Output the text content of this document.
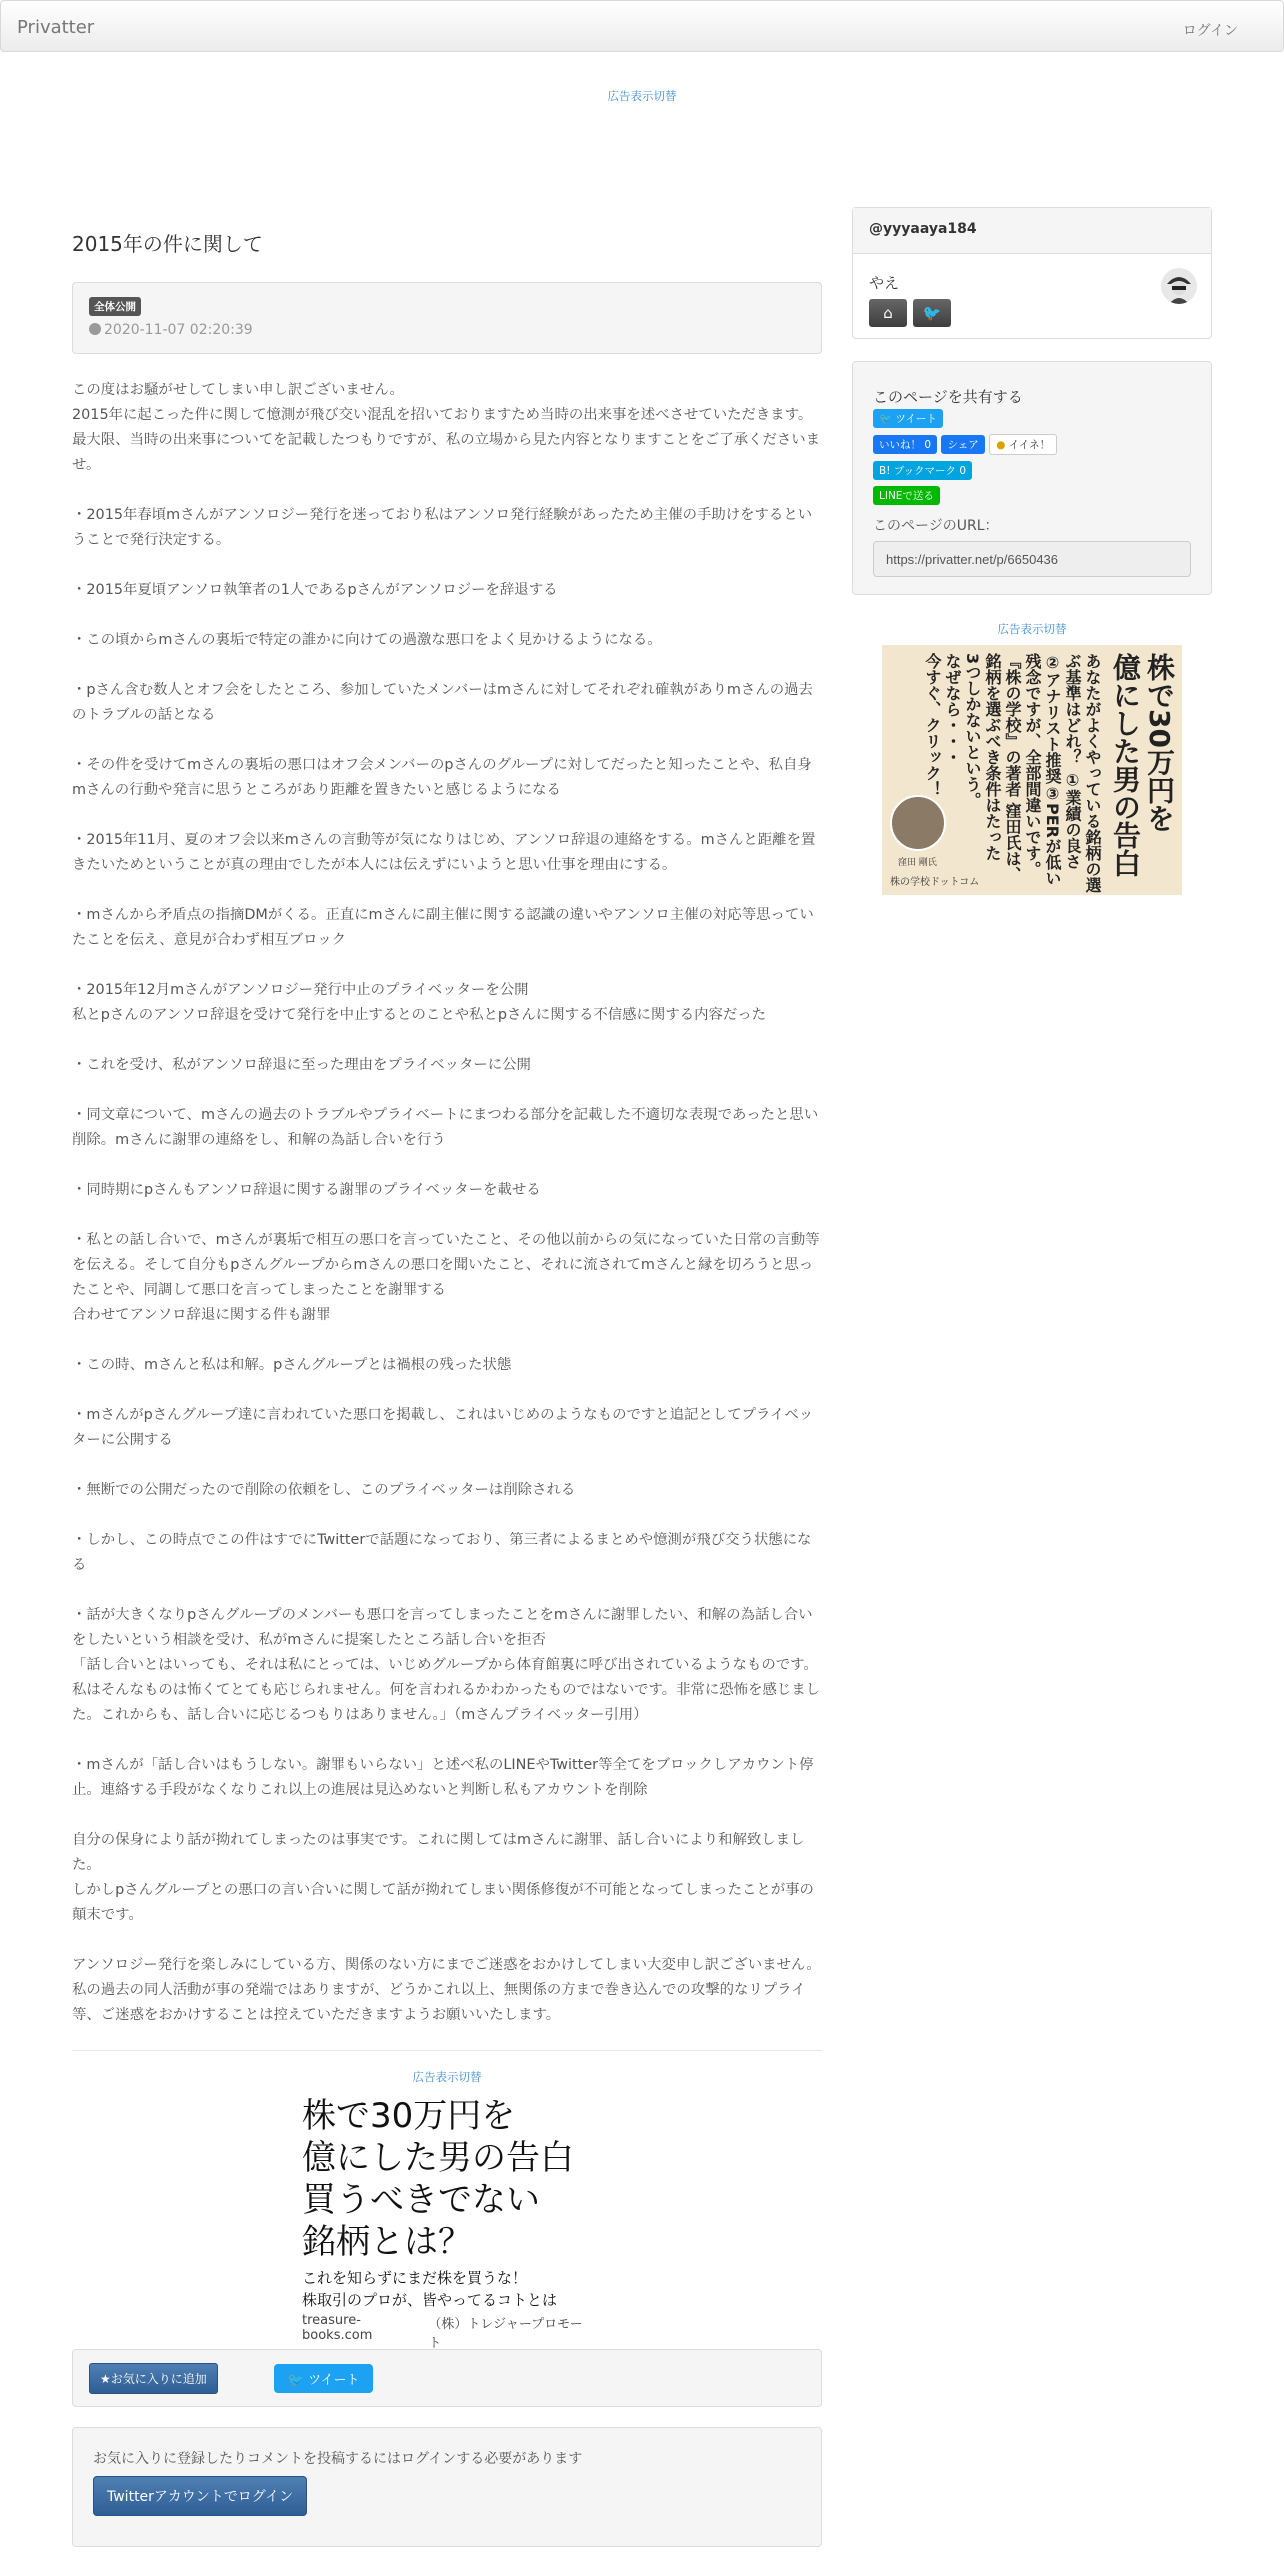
Privatter	ログイン
広告表示切替
2015年の件に関して
全体公開
2020-11-07 02:20:39
この度はお騒がせしてしまい申し訳ございません。
2015年に起こった件に関して憶測が飛び交い混乱を招いておりますため当時の出来事を述べさせていただきます。
最大限、当時の出来事についてを記載したつもりですが、私の立場から見た内容となりますことをご了承くださいませ。

・2015年春頃mさんがアンソロジー発行を迷っており私はアンソロ発行経験があったため主催の手助けをするということで発行決定する。

・2015年夏頃アンソロ執筆者の1人であるpさんがアンソロジーを辞退する

・この頃からmさんの裏垢で特定の誰かに向けての過激な悪口をよく見かけるようになる。

・pさん含む数人とオフ会をしたところ、参加していたメンバーはmさんに対してそれぞれ確執がありmさんの過去のトラブルの話となる

・その件を受けてmさんの裏垢の悪口はオフ会メンバーのpさんのグループに対してだったと知ったことや、私自身mさんの行動や発言に思うところがあり距離を置きたいと感じるようになる

・2015年11月、夏のオフ会以来mさんの言動等が気になりはじめ、アンソロ辞退の連絡をする。mさんと距離を置きたいためということが真の理由でしたが本人には伝えずにいようと思い仕事を理由にする。

・mさんから矛盾点の指摘DMがくる。正直にmさんに副主催に関する認識の違いやアンソロ主催の対応等思っていたことを伝え、意見が合わず相互ブロック

・2015年12月mさんがアンソロジー発行中止のプライベッターを公開
私とpさんのアンソロ辞退を受けて発行を中止するとのことや私とpさんに関する不信感に関する内容だった

・これを受け、私がアンソロ辞退に至った理由をプライベッターに公開

・同文章について、mさんの過去のトラブルやプライベートにまつわる部分を記載した不適切な表現であったと思い削除。mさんに謝罪の連絡をし、和解の為話し合いを行う

・同時期にpさんもアンソロ辞退に関する謝罪のプライベッターを載せる

・私との話し合いで、mさんが裏垢で相互の悪口を言っていたこと、その他以前からの気になっていた日常の言動等を伝える。そして自分もpさんグループからmさんの悪口を聞いたこと、それに流されてmさんと縁を切ろうと思ったことや、同調して悪口を言ってしまったことを謝罪する
合わせてアンソロ辞退に関する件も謝罪

・この時、mさんと私は和解。pさんグループとは禍根の残った状態

・mさんがpさんグループ達に言われていた悪口を掲載し、これはいじめのようなものですと追記としてプライベッターに公開する

・無断での公開だったので削除の依頼をし、このプライベッターは削除される

・しかし、この時点でこの件はすでにTwitterで話題になっており、第三者によるまとめや憶測が飛び交う状態になる

・話が大きくなりpさんグループのメンバーも悪口を言ってしまったことをmさんに謝罪したい、和解の為話し合いをしたいという相談を受け、私がmさんに提案したところ話し合いを拒否
「話し合いとはいっても、それは私にとっては、いじめグループから体育館裏に呼び出されているようなものです。私はそんなものは怖くてとても応じられません。何を言われるかわかったものではないです。非常に恐怖を感じました。これからも、話し合いに応じるつもりはありません。」（mさんプライベッター引用）

・mさんが「話し合いはもうしない。謝罪もいらない」と述べ私のLINEやTwitter等全てをブロックしアカウント停止。連絡する手段がなくなりこれ以上の進展は見込めないと判断し私もアカウントを削除

自分の保身により話が拗れてしまったのは事実です。これに関してはmさんに謝罪、話し合いにより和解致しました。
しかしpさんグループとの悪口の言い合いに関して話が拗れてしまい関係修復が不可能となってしまったことが事の顛末です。

アンソロジー発行を楽しみにしている方、関係のない方にまでご迷惑をおかけしてしまい大変申し訳ございません。
私の過去の同人活動が事の発端ではありますが、どうかこれ以上、無関係の方まで巻き込んでの攻撃的なリプライ等、ご迷惑をおかけすることは控えていただきますようお願いいたします。
広告表示切替
株で30万円を
億にした男の告白
買うべきでない
銘柄とは？
これを知らずにまだ株を買うな！
株取引のプロが、皆やってるコトとは
treasure-books.com
（株）トレジャープロモート
★お気に入りに追加	🐦 ツイート
お気に入りに登録したりコメントを投稿するにはログインする必要があります
Twitterアカウントでログイン
@yyyaaya184
やえ
⌂	🐦
このページを共有する
🐦 ツイート
いいね！ 0 シェア ● イイネ！
B! ブックマーク 0
LINEで送る
このページのURL：
https://privatter.net/p/6650436
広告表示切替
株で30万円を
億にした男の告白
あなたがよくやっている銘柄の選
ぶ基準はどれ？ ①業績の良さ
②アナリスト推奨③PERが低い
残念ですが、全部間違いです。
『株の学校』の著者 窪田氏は、
銘柄を選ぶべき条件はたった
3つしかないという。
なぜなら・・・
今すぐ、クリック！
窪田 剛氏
株の学校ドットコム
